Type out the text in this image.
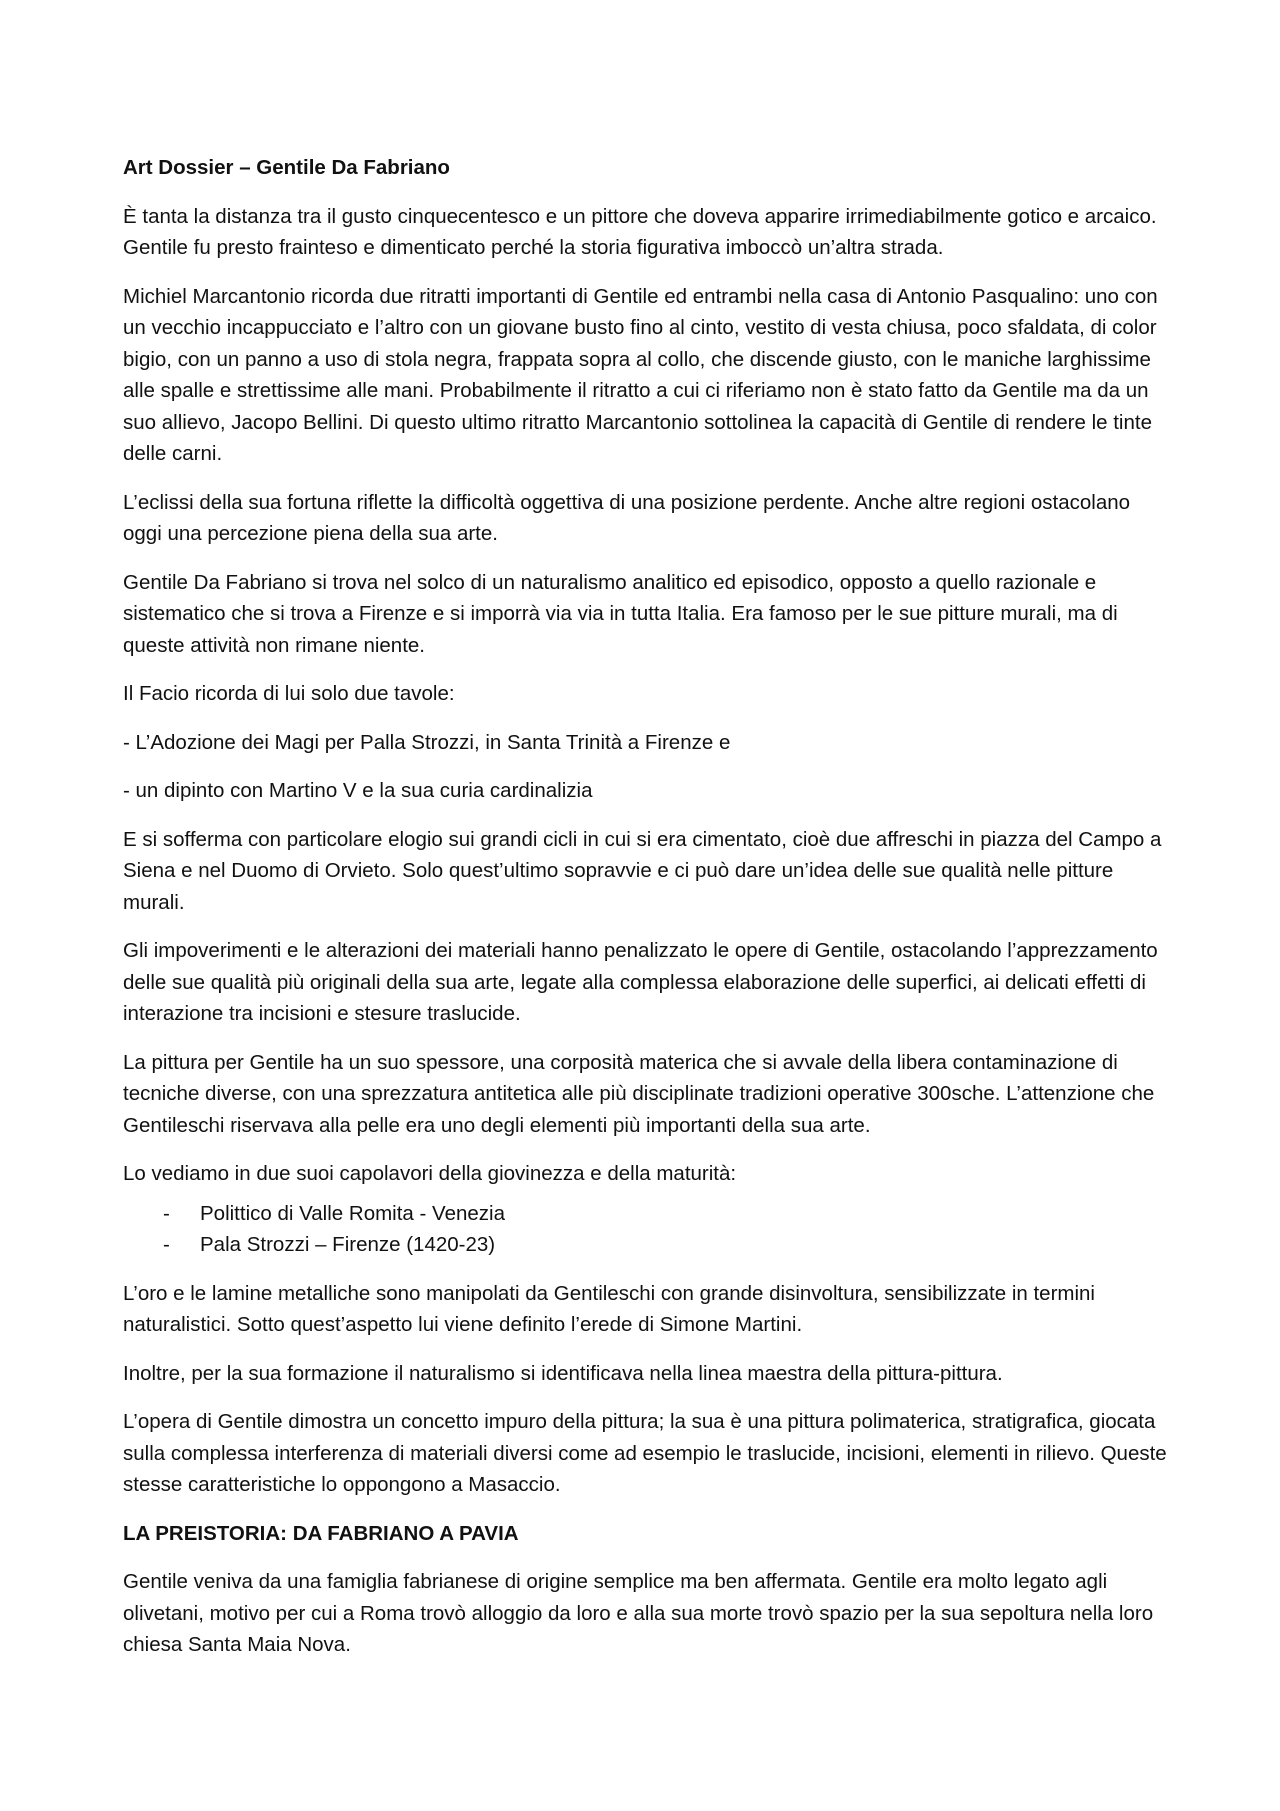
Art Dossier – Gentile Da Fabriano

È tanta la distanza tra il gusto cinquecentesco e un pittore che doveva apparire irrimediabilmente gotico e arcaico. Gentile fu presto frainteso e dimenticato perché la storia figurativa imboccò un’altra strada.

Michiel Marcantonio ricorda due ritratti importanti di Gentile ed entrambi nella casa di Antonio Pasqualino: uno con un vecchio incappucciato e l’altro con un giovane busto fino al cinto, vestito di vesta chiusa, poco sfaldata, di color bigio, con un panno a uso di stola negra, frappata sopra al collo, che discende giusto, con le maniche larghissime alle spalle e strettissime alle mani. Probabilmente il ritratto a cui ci riferiamo non è stato fatto da Gentile ma da un suo allievo, Jacopo Bellini. Di questo ultimo ritratto Marcantonio sottolinea la capacità di Gentile di rendere le tinte delle carni.

L’eclissi della sua fortuna riflette la difficoltà oggettiva di una posizione perdente. Anche altre regioni ostacolano oggi una percezione piena della sua arte.

Gentile Da Fabriano si trova nel solco di un naturalismo analitico ed episodico, opposto a quello razionale e sistematico che si trova a Firenze e si imporrà via via in tutta Italia. Era famoso per le sue pitture murali, ma di queste attività non rimane niente.

Il Facio ricorda di lui solo due tavole:

- L’Adozione dei Magi per Palla Strozzi, in Santa Trinità a Firenze e

- un dipinto con Martino V e la sua curia cardinalizia

E si sofferma con particolare elogio sui grandi cicli in cui si era cimentato, cioè due affreschi in piazza del Campo a Siena e nel Duomo di Orvieto. Solo quest’ultimo sopravvie e ci può dare un’idea delle sue qualità nelle pitture murali.

Gli impoverimenti e le alterazioni dei materiali hanno penalizzato le opere di Gentile, ostacolando l’apprezzamento delle sue qualità più originali della sua arte, legate alla complessa elaborazione delle superfici, ai delicati effetti di interazione tra incisioni e stesure traslucide.

La pittura per Gentile ha un suo spessore, una corposità materica che si avvale della libera contaminazione di tecniche diverse, con una sprezzatura antitetica alle più disciplinate tradizioni operative 300sche. L’attenzione che Gentileschi riservava alla pelle era uno degli elementi più importanti della sua arte.

Lo vediamo in due suoi capolavori della giovinezza e della maturità:

- Polittico di Valle Romita - Venezia
- Pala Strozzi – Firenze (1420-23)

L’oro e le lamine metalliche sono manipolati da Gentileschi con grande disinvoltura, sensibilizzate in termini naturalistici. Sotto quest’aspetto lui viene definito l’erede di Simone Martini.

Inoltre, per la sua formazione il naturalismo si identificava nella linea maestra della pittura-pittura.

L’opera di Gentile dimostra un concetto impuro della pittura; la sua è una pittura polimaterica, stratigrafica, giocata sulla complessa interferenza di materiali diversi come ad esempio le traslucide, incisioni, elementi in rilievo. Queste stesse caratteristiche lo oppongono a Masaccio.

LA PREISTORIA: DA FABRIANO A PAVIA

Gentile veniva da una famiglia fabrianese di origine semplice ma ben affermata. Gentile era molto legato agli olivetani, motivo per cui a Roma trovò alloggio da loro e alla sua morte trovò spazio per la sua sepoltura nella loro chiesa Santa Maia Nova.
